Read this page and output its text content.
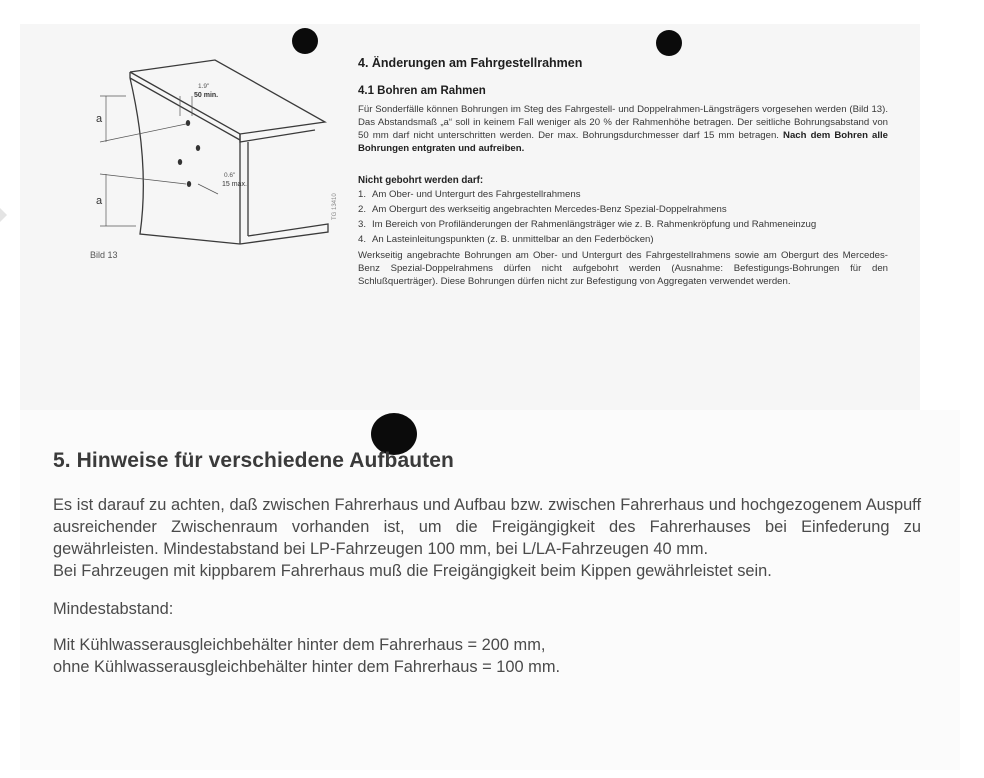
a
a
1.9"
50 min.
0.6"
15 max.
Bild 13
TG 13410
4. Änderungen am Fahrgestellrahmen
4.1 Bohren am Rahmen

Für Sonderfälle können Bohrungen im Steg des Fahrgestell- und Doppelrahmen-Längsträgers vorgesehen werden (Bild 13). Das Abstandsmaß „a“ soll in keinem Fall weniger als 20 % der Rahmenhöhe betragen. Der seitliche Bohrungsabstand von 50 mm darf nicht unterschritten werden. Der max. Bohrungsdurchmesser darf 15 mm betragen. Nach dem Bohren alle Bohrungen entgraten und aufreiben.

Nicht gebohrt werden darf:
1. Am Ober- und Untergurt des Fahrgestellrahmens
2. Am Obergurt des werkseitig angebrachten Mercedes-Benz Spezial-Doppelrahmens
3. Im Bereich von Profiländerungen der Rahmenlängsträger wie z. B. Rahmenkröpfung und Rahmeneinzug
4. An Lasteinleitungspunkten (z. B. unmittelbar an den Federböcken)

Werkseitig angebrachte Bohrungen am Ober- und Untergurt des Fahrgestellrahmens sowie am Obergurt des Mercedes-Benz Spezial-Doppelrahmens dürfen nicht aufgebohrt werden (Ausnahme: Befestigungs-Bohrungen für den Schlußquerträger). Diese Bohrungen dürfen nicht zur Befestigung von Aggregaten verwendet werden.

5. Hinweise für verschiedene Aufbauten

Es ist darauf zu achten, daß zwischen Fahrerhaus und Aufbau bzw. zwischen Fahrerhaus und hochgezogenem Auspuff ausreichender Zwischenraum vorhanden ist, um die Freigängigkeit des Fahrerhauses bei Einfederung zu gewährleisten. Mindestabstand bei LP-Fahrzeugen 100 mm, bei L/LA-Fahrzeugen 40 mm.

Bei Fahrzeugen mit kippbarem Fahrerhaus muß die Freigängigkeit beim Kippen gewährleistet sein.

Mindestabstand:

Mit Kühlwasserausgleichbehälter hinter dem Fahrerhaus = 200 mm,

ohne Kühlwasserausgleichbehälter hinter dem Fahrerhaus = 100 mm.
